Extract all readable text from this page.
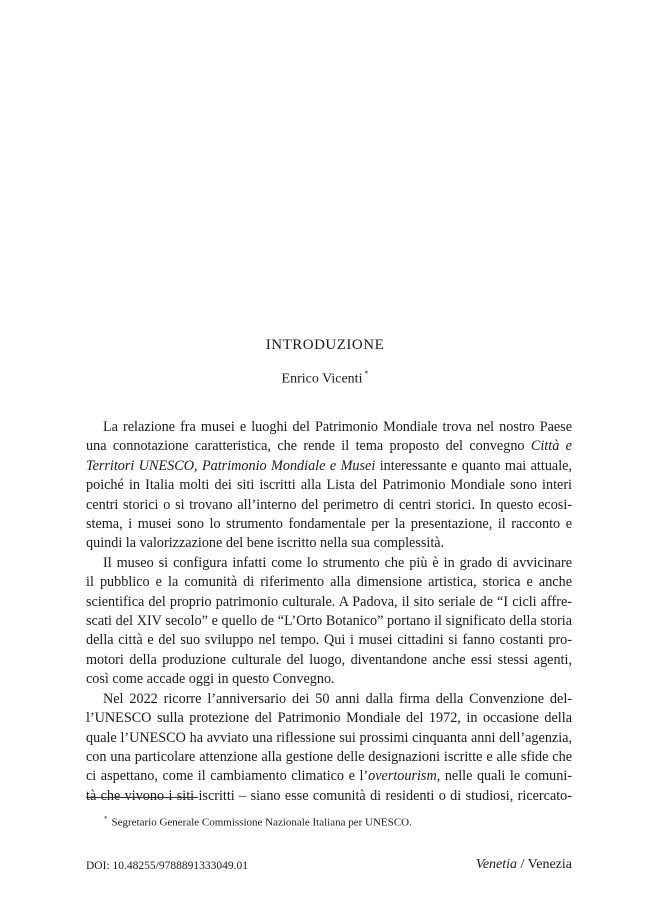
INTRODUZIONE

Enrico Vicenti *

La relazione fra musei e luoghi del Patrimonio Mondiale trova nel nostro Paese
una connotazione caratteristica, che rende il tema proposto del convegno Città e
Territori UNESCO, Patrimonio Mondiale e Musei interessante e quanto mai attuale,
poiché in Italia molti dei siti iscritti alla Lista del Patrimonio Mondiale sono interi
centri storici o si trovano all’interno del perimetro di centri storici. In questo ecosi-
stema, i musei sono lo strumento fondamentale per la presentazione, il racconto e
quindi la valorizzazione del bene iscritto nella sua complessità.

Il museo si configura infatti come lo strumento che più è in grado di avvicinare
il pubblico e la comunità di riferimento alla dimensione artistica, storica e anche
scientifica del proprio patrimonio culturale. A Padova, il sito seriale de “I cicli affre-
scati del XIV secolo” e quello de “L’Orto Botanico” portano il significato della storia
della città e del suo sviluppo nel tempo. Qui i musei cittadini si fanno costanti pro-
motori della produzione culturale del luogo, diventandone anche essi stessi agenti,
così come accade oggi in questo Convegno.

Nel 2022 ricorre l’anniversario dei 50 anni dalla firma della Convenzione del-
l’UNESCO sulla protezione del Patrimonio Mondiale del 1972, in occasione della
quale l’UNESCO ha avviato una riflessione sui prossimi cinquanta anni dell’agenzia,
con una particolare attenzione alla gestione delle designazioni iscritte e alle sfide che
ci aspettano, come il cambiamento climatico e l’overtourism, nelle quali le comuni-
tà che vivono i siti iscritti – siano esse comunità di residenti o di studiosi, ricercato-

* Segretario Generale Commissione Nazionale Italiana per UNESCO.

DOI: 10.48255/9788891333049.01	Venetia / Venezia
